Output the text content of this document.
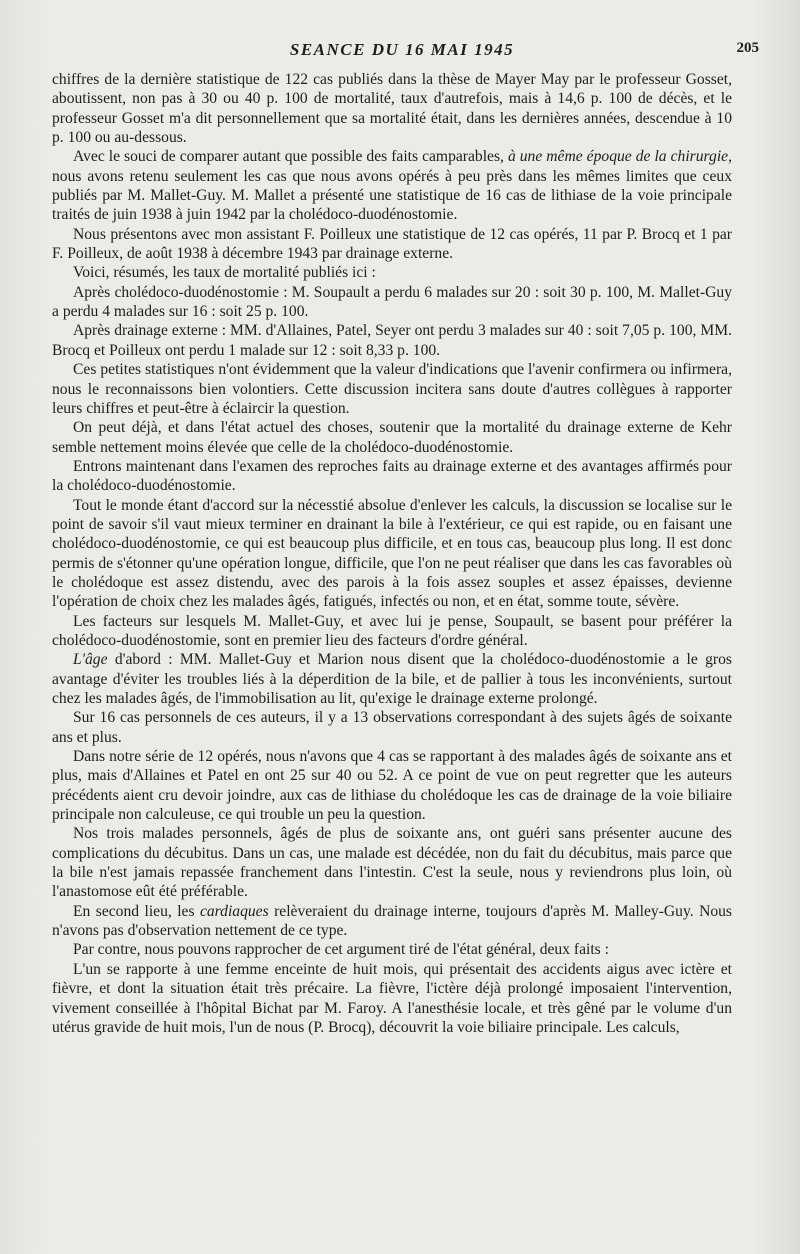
SEANCE DU 16 MAI 1945	205

chiffres de la dernière statistique de 122 cas publiés dans la thèse de Mayer May par le professeur Gosset, aboutissent, non pas à 30 ou 40 p. 100 de mortalité, taux d'autrefois, mais à 14,6 p. 100 de décès, et le professeur Gosset m'a dit personnellement que sa mortalité était, dans les dernières années, descendue à 10 p. 100 ou au-dessous.

Avec le souci de comparer autant que possible des faits camparables, à une même époque de la chirurgie, nous avons retenu seulement les cas que nous avons opérés à peu près dans les mêmes limites que ceux publiés par M. Mallet-Guy. M. Mallet a présenté une statistique de 16 cas de lithiase de la voie principale traités de juin 1938 à juin 1942 par la cholédoco-duodénostomie.

Nous présentons avec mon assistant F. Poilleux une statistique de 12 cas opérés, 11 par P. Brocq et 1 par F. Poilleux, de août 1938 à décembre 1943 par drainage externe.

Voici, résumés, les taux de mortalité publiés ici :

Après cholédoco-duodénostomie : M. Soupault a perdu 6 malades sur 20 : soit 30 p. 100, M. Mallet-Guy a perdu 4 malades sur 16 : soit 25 p. 100.

Après drainage externe : MM. d'Allaines, Patel, Seyer ont perdu 3 malades sur 40 : soit 7,05 p. 100, MM. Brocq et Poilleux ont perdu 1 malade sur 12 : soit 8,33 p. 100.

Ces petites statistiques n'ont évidemment que la valeur d'indications que l'avenir confirmera ou infirmera, nous le reconnaissons bien volontiers. Cette discussion incitera sans doute d'autres collègues à rapporter leurs chiffres et peut-être à éclaircir la question.

On peut déjà, et dans l'état actuel des choses, soutenir que la mortalité du drainage externe de Kehr semble nettement moins élevée que celle de la cholédoco-duodénostomie.

Entrons maintenant dans l'examen des reproches faits au drainage externe et des avantages affirmés pour la cholédoco-duodénostomie.

Tout le monde étant d'accord sur la nécesstié absolue d'enlever les calculs, la discussion se localise sur le point de savoir s'il vaut mieux terminer en drainant la bile à l'extérieur, ce qui est rapide, ou en faisant une cholédoco-duodénostomie, ce qui est beaucoup plus difficile, et en tous cas, beaucoup plus long. Il est donc permis de s'étonner qu'une opération longue, difficile, que l'on ne peut réaliser que dans les cas favorables où le cholédoque est assez distendu, avec des parois à la fois assez souples et assez épaisses, devienne l'opération de choix chez les malades âgés, fatigués, infectés ou non, et en état, somme toute, sévère.

Les facteurs sur lesquels M. Mallet-Guy, et avec lui je pense, Soupault, se basent pour préférer la cholédoco-duodénostomie, sont en premier lieu des facteurs d'ordre général.

L'âge d'abord : MM. Mallet-Guy et Marion nous disent que la cholédoco-duodénostomie a le gros avantage d'éviter les troubles liés à la déperdition de la bile, et de pallier à tous les inconvénients, surtout chez les malades âgés, de l'immobilisation au lit, qu'exige le drainage externe prolongé.

Sur 16 cas personnels de ces auteurs, il y a 13 observations correspondant à des sujets âgés de soixante ans et plus.

Dans notre série de 12 opérés, nous n'avons que 4 cas se rapportant à des malades âgés de soixante ans et plus, mais d'Allaines et Patel en ont 25 sur 40 ou 52. A ce point de vue on peut regretter que les auteurs précédents aient cru devoir joindre, aux cas de lithiase du cholédoque les cas de drainage de la voie biliaire principale non calculeuse, ce qui trouble un peu la question.

Nos trois malades personnels, âgés de plus de soixante ans, ont guéri sans présenter aucune des complications du décubitus. Dans un cas, une malade est décédée, non du fait du décubitus, mais parce que la bile n'est jamais repassée franchement dans l'intestin. C'est la seule, nous y reviendrons plus loin, où l'anastomose eût été préférable.

En second lieu, les cardiaques relèveraient du drainage interne, toujours d'après M. Malley-Guy. Nous n'avons pas d'observation nettement de ce type.

Par contre, nous pouvons rapprocher de cet argument tiré de l'état général, deux faits :

L'un se rapporte à une femme enceinte de huit mois, qui présentait des accidents aigus avec ictère et fièvre, et dont la situation était très précaire. La fièvre, l'ictère déjà prolongé imposaient l'intervention, vivement conseillée à l'hôpital Bichat par M. Faroy. A l'anesthésie locale, et très gêné par le volume d'un utérus gravide de huit mois, l'un de nous (P. Brocq), découvrit la voie biliaire principale. Les calculs,
